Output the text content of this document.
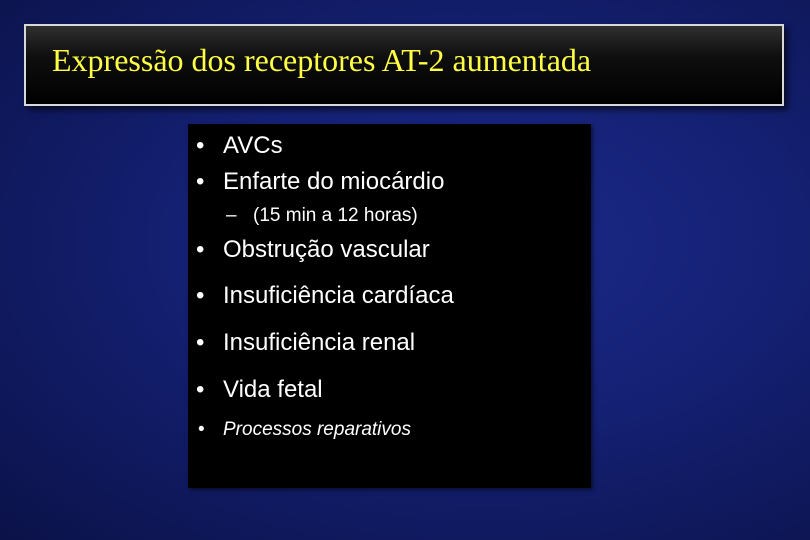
Expressão dos receptores AT-2 aumentada
• AVCs
• Enfarte do miocárdio
– (15 min a 12 horas)
• Obstrução vascular
• Insuficiência cardíaca
• Insuficiência renal
• Vida fetal
• Processos reparativos
